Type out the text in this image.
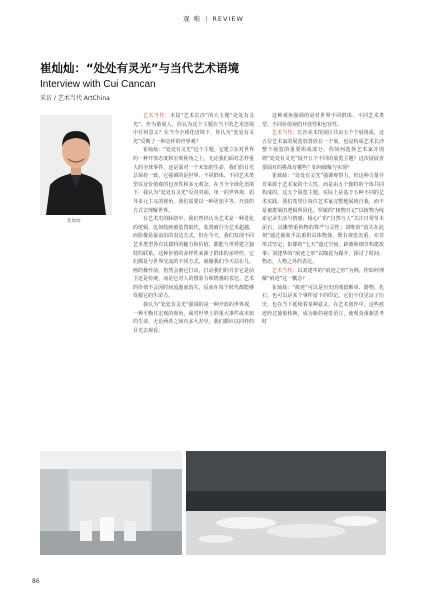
观 唯 | REVIEW
崔灿灿：“处处有灵光”与当代艺术语境
Interview with Cui Cancan
采访 / 艺术当代 ArtChina
崔灿灿

艺术当代：本届“艺术长沙”的大主题“处处有灵光”，作为策展人，你认为这个主题在当下的艺术语境中有何意义？在当今全球化语境下，你认为“处处有灵光”反映了一种怎样的世界观？

崔灿灿：“处处有灵光”这个主题，它建立在对世界的一种开放态度和宏观视角之上，无论我们面对怎样重大的全球事件，还是面对一个未知的生命，我们的目光总保持一致。它强调的是世界、不同群体、不同艺术类型以及价值观的包容性和多元观念。在当今全球化语境下，我认为“处处有灵光”反对对面、单一的世界观，倡导多元主义的视角。我们需要以一种更加平等、开放的方式去理解世界。

在艺术史的脉络中，我们曾经认为艺术是一种进化的逻辑，比如绘画被装置取代，装置被行为艺术超越，而影像是最前沿的表达方式。但在今天，我们发现不同艺术类型各有其独特的魅力和价值，都能与世界建立独特的联系。这种价值的多样性来源于群体的多样性，它们都是与世界交流的不同方式。就像我们今天站在几、画的操作前，仍然会被它打动，打动我们的并非它是前卫还是传统，而是它对人的想象力和情感的表达。艺术的价值不会因时间流逝而消失，反而在每个时代都能够发掘它的生命力。

我认为“处处有灵光”强调的是一种开放的世界观，一种平衡且宏观的视角，面对世界上的重大事件或未知的生命，无论两者之间有多大差异，我们都应以同样的目光去观看。

这种观角强调的是对世界不同群体、不同艺术类型、不同价值观的开放性和包容性。

艺术当代：长沙美术馆展区共由五个个展组成，这五位艺术家的展览放置放在一个展，也是构成艺术长沙整个展览的重要组成部分。你如何选择艺术家并围绕“处处有灵光”展开五个不同的展览主题？这次展展青要面对的挑战有哪些？如何破解与实现？

崔灿灿：“处处有灵光”强调观察力，但这种力量并非来源于艺术家的个人性，而是由五个独特的个体共同构成的。这五个展览主题，实际上是基于五种不同的艺术实践，我们希望让每位艺术家完整地展现自我，而不是被群展的逻辑所同化。罗敏的“植物日记”以植物为线索记录生活与情感；杨心广的“自然与人”关注日常草木泥石，以雕塑重构物的尊严与灵性；刘唯的“消失在此刻”通过抽象手法重组具体物体，既有视觉沉重，亦非形式坚定；影像的“七天”通过空间、距离和细节构建故事；刘建华的“痕迹之形”以陶瓷为媒介，探讨了时间、物态、人物之外的表达。

艺术当代：以刘建华的“痕迹之形”为例，你如何理解“痕迹”这一概念？

崔灿灿：“痕迹”可以是历史的残留断章、器物、化石，也可以是某个事件留下的印记。它们不仅见证了历史，也在当下延续着某种意义。在艺术创作中，这些痕迹经过抽象转换，成为新的视觉语言，使观众重新思考时

86
